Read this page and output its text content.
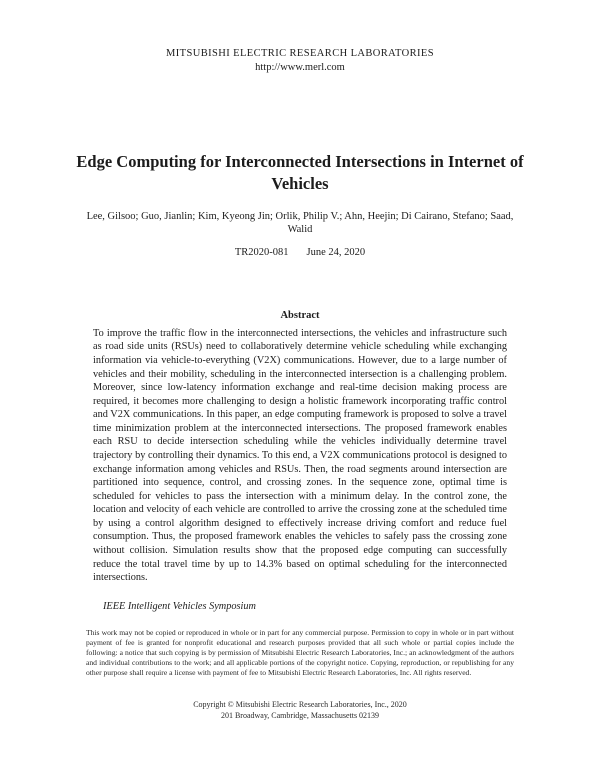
MITSUBISHI ELECTRIC RESEARCH LABORATORIES
http://www.merl.com
Edge Computing for Interconnected Intersections in Internet of Vehicles
Lee, Gilsoo; Guo, Jianlin; Kim, Kyeong Jin; Orlik, Philip V.; Ahn, Heejin; Di Cairano, Stefano; Saad, Walid
TR2020-081 June 24, 2020
Abstract
To improve the traffic flow in the interconnected intersections, the vehicles and infrastructure such as road side units (RSUs) need to collaboratively determine vehicle scheduling while exchanging information via vehicle-to-everything (V2X) communications. However, due to a large number of vehicles and their mobility, scheduling in the interconnected intersection is a challenging problem. Moreover, since low-latency information exchange and real-time decision making process are required, it becomes more challenging to design a holistic framework incorporating traffic control and V2X communications. In this paper, an edge computing framework is proposed to solve a travel time minimization problem at the interconnected intersections. The proposed framework enables each RSU to decide intersection scheduling while the vehicles individually determine travel trajectory by controlling their dynamics. To this end, a V2X communications protocol is designed to exchange information among vehicles and RSUs. Then, the road segments around intersection are partitioned into sequence, control, and crossing zones. In the sequence zone, optimal time is scheduled for vehicles to pass the intersection with a minimum delay. In the control zone, the location and velocity of each vehicle are controlled to arrive the crossing zone at the scheduled time by using a control algorithm designed to effectively increase driving comfort and reduce fuel consumption. Thus, the proposed framework enables the vehicles to safely pass the crossing zone without collision. Simulation results show that the proposed edge computing can successfully reduce the total travel time by up to 14.3% based on optimal scheduling for the interconnected intersections.
IEEE Intelligent Vehicles Symposium
This work may not be copied or reproduced in whole or in part for any commercial purpose. Permission to copy in whole or in part without payment of fee is granted for nonprofit educational and research purposes provided that all such whole or partial copies include the following: a notice that such copying is by permission of Mitsubishi Electric Research Laboratories, Inc.; an acknowledgment of the authors and individual contributions to the work; and all applicable portions of the copyright notice. Copying, reproduction, or republishing for any other purpose shall require a license with payment of fee to Mitsubishi Electric Research Laboratories, Inc. All rights reserved.
Copyright © Mitsubishi Electric Research Laboratories, Inc., 2020
201 Broadway, Cambridge, Massachusetts 02139
